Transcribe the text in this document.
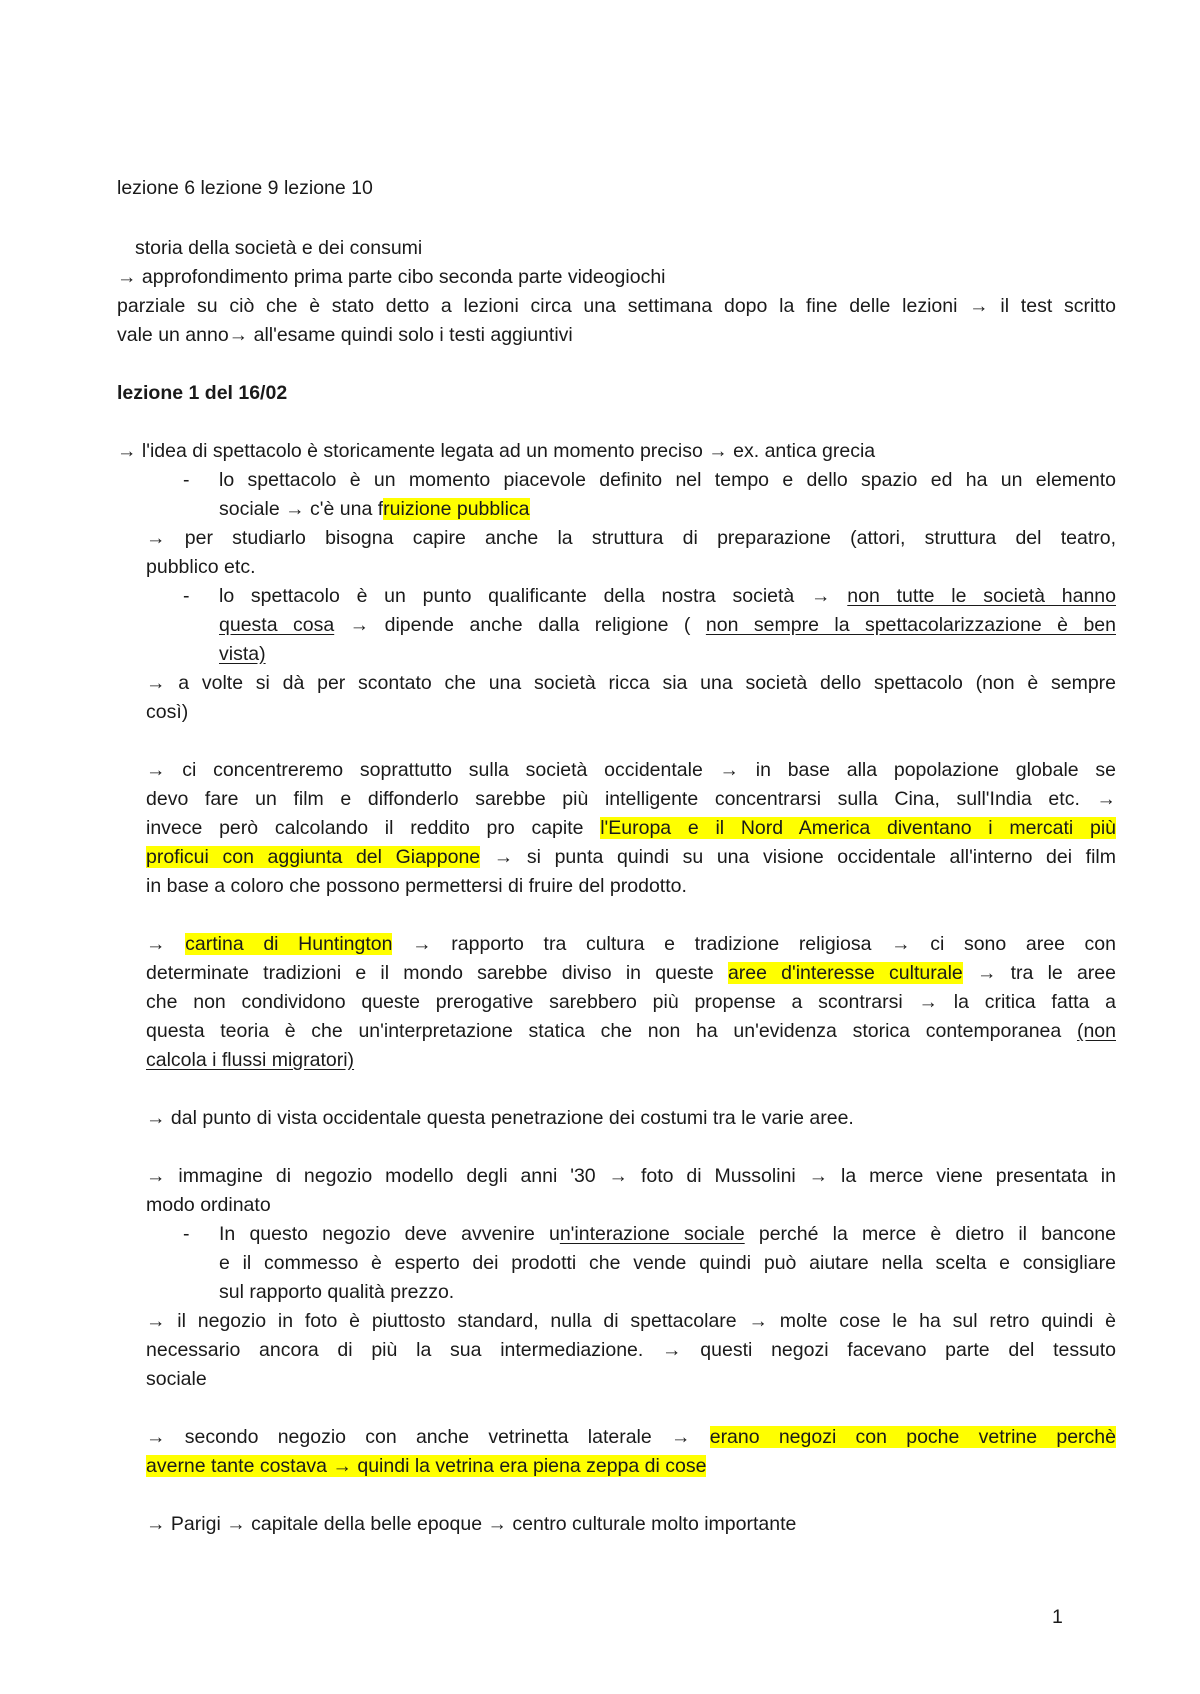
lezione 6 lezione 9 lezione 10
storia della società e dei consumi
→ approfondimento prima parte cibo seconda parte videogiochi
parziale su ciò che è stato detto a lezioni circa una settimana dopo la fine delle lezioni → il test scritto
vale un anno→ all'esame quindi solo i testi aggiuntivi
lezione 1 del 16/02
→ l'idea di spettacolo è storicamente legata ad un momento preciso → ex. antica grecia
- lo spettacolo è un momento piacevole definito nel tempo e dello spazio ed ha un elemento
sociale → c'è una fruizione pubblica
→ per studiarlo bisogna capire anche la struttura di preparazione (attori, struttura del teatro,
pubblico etc.
- lo spettacolo è un punto qualificante della nostra società → non tutte le società hanno
questa cosa → dipende anche dalla religione ( non sempre la spettacolarizzazione è ben
vista)
→ a volte si dà per scontato che una società ricca sia una società dello spettacolo (non è sempre
così)
→ ci concentreremo soprattutto sulla società occidentale → in base alla popolazione globale se
devo fare un film e diffonderlo sarebbe più intelligente concentrarsi sulla Cina, sull'India etc. →
invece però calcolando il reddito pro capite l'Europa e il Nord America diventano i mercati più
proficui con aggiunta del Giappone → si punta quindi su una visione occidentale all'interno dei film
in base a coloro che possono permettersi di fruire del prodotto.
→ cartina di Huntington → rapporto tra cultura e tradizione religiosa → ci sono aree con
determinate tradizioni e il mondo sarebbe diviso in queste aree d'interesse culturale → tra le aree
che non condividono queste prerogative sarebbero più propense a scontrarsi → la critica fatta a
questa teoria è che un'interpretazione statica che non ha un'evidenza storica contemporanea (non
calcola i flussi migratori)
→ dal punto di vista occidentale questa penetrazione dei costumi tra le varie aree.
→ immagine di negozio modello degli anni '30 → foto di Mussolini → la merce viene presentata in
modo ordinato
- In questo negozio deve avvenire un'interazione sociale perché la merce è dietro il bancone
e il commesso è esperto dei prodotti che vende quindi può aiutare nella scelta e consigliare
sul rapporto qualità prezzo.
→ il negozio in foto è piuttosto standard, nulla di spettacolare → molte cose le ha sul retro quindi è
necessario ancora di più la sua intermediazione. → questi negozi facevano parte del tessuto
sociale
→ secondo negozio con anche vetrinetta laterale → erano negozi con poche vetrine perchè
averne tante costava → quindi la vetrina era piena zeppa di cose
→ Parigi → capitale della belle epoque → centro culturale molto importante
1
